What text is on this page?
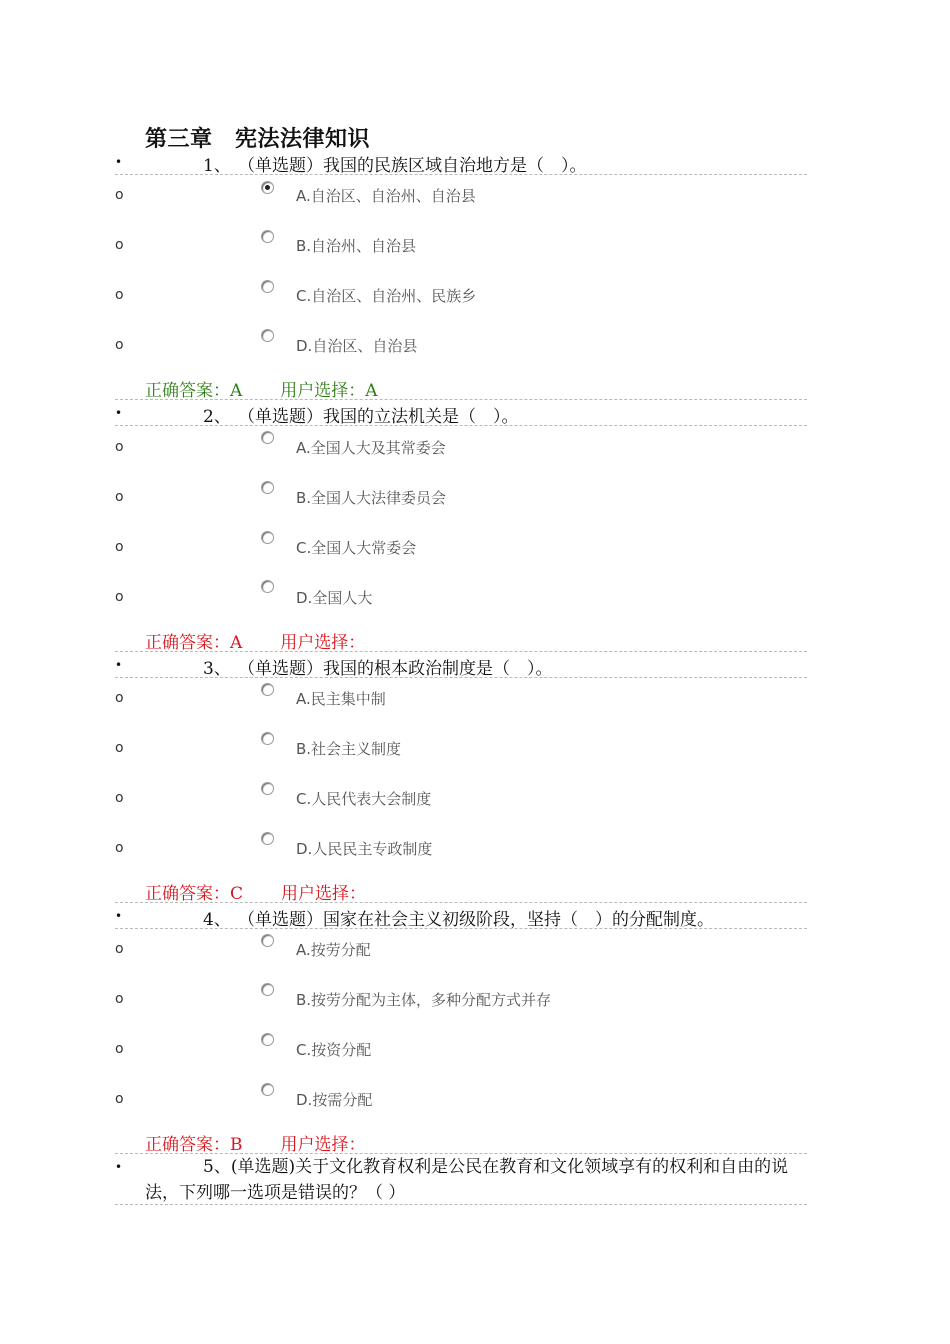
第三章　宪法法律知识
•	1、 （单选题）我国的民族区域自治地方是（　）。
o	A.自治区、自治州、自治县
o	B.自治州、自治县
o	C.自治区、自治州、民族乡
o	D.自治区、自治县
正确答案：A 用户选择：A
•	2、 （单选题）我国的立法机关是（　）。
o	A.全国人大及其常委会
o	B.全国人大法律委员会
o	C.全国人大常委会
o	D.全国人大
正确答案：A 用户选择：
•	3、 （单选题）我国的根本政治制度是（　）。
o	A.民主集中制
o	B.社会主义制度
o	C.人民代表大会制度
o	D.人民民主专政制度
正确答案：C 用户选择：
•	4、 （单选题）国家在社会主义初级阶段，坚持（　）的分配制度。
o	A.按劳分配
o	B.按劳分配为主体，多种分配方式并存
o	C.按资分配
o	D.按需分配
正确答案：B 用户选择：
•	5、(单选题)关于文化教育权利是公民在教育和文化领域享有的权利和自由的说法，下列哪一选项是错误的？（ ）
